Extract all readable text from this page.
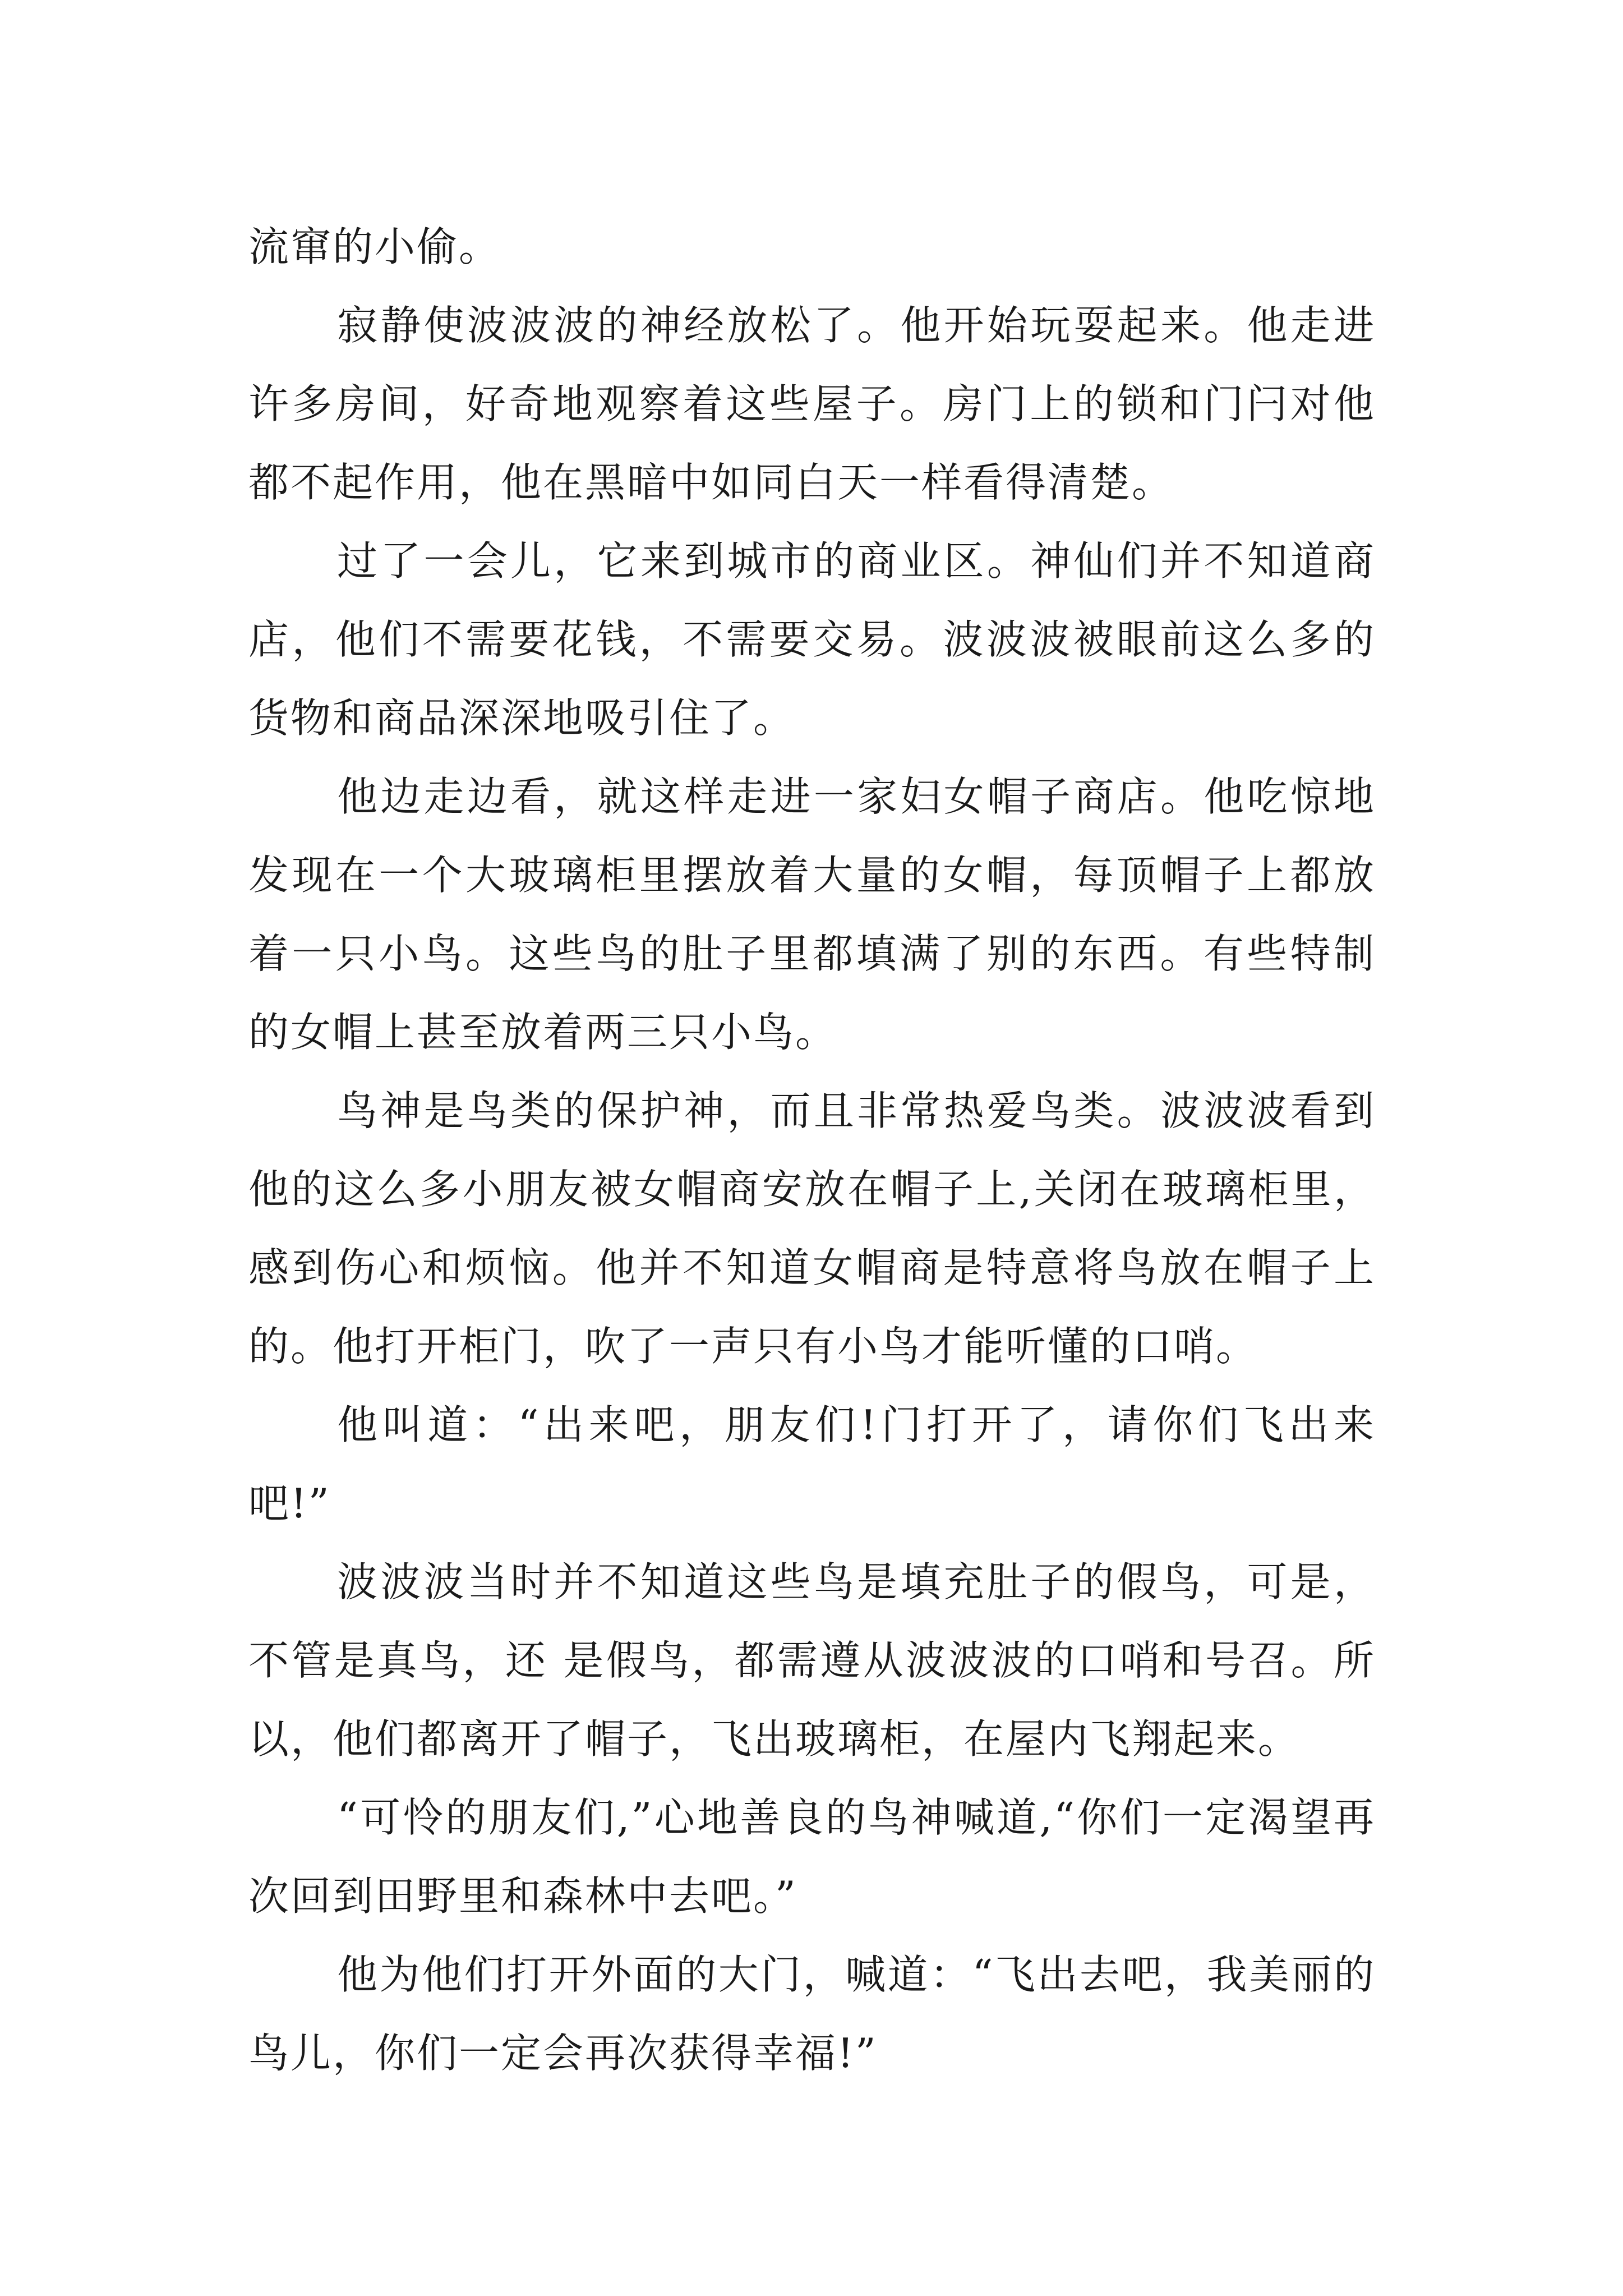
流窜的小偷。

寂静使波波波的神经放松了。他开始玩耍起来。他走进许多房间，好奇地观察着这些屋子。房门上的锁和门闩对他都不起作用，他在黑暗中如同白天一样看得清楚。

过了一会儿，它来到城市的商业区。神仙们并不知道商店，他们不需要花钱，不需要交易。波波波被眼前这么多的货物和商品深深地吸引住了。

他边走边看，就这样走进一家妇女帽子商店。他吃惊地发现在一个大玻璃柜里摆放着大量的女帽，每顶帽子上都放着一只小鸟。这些鸟的肚子里都填满了别的东西。有些特制的女帽上甚至放着两三只小鸟。

鸟神是鸟类的保护神，而且非常热爱鸟类。波波波看到他的这么多小朋友被女帽商安放在帽子上,关闭在玻璃柜里，感到伤心和烦恼。他并不知道女帽商是特意将鸟放在帽子上的。他打开柜门，吹了一声只有小鸟才能听懂的口哨。

他叫道：“出来吧，朋友们!门打开了，请你们飞出来吧!”

波波波当时并不知道这些鸟是填充肚子的假鸟，可是，不管是真鸟，还 是假鸟，都需遵从波波波的口哨和号召。所以，他们都离开了帽子，飞出玻璃柜，在屋内飞翔起来。

“可怜的朋友们,”心地善良的鸟神喊道,“你们一定渴望再次回到田野里和森林中去吧。”

他为他们打开外面的大门，喊道：“飞出去吧，我美丽的鸟儿，你们一定会再次获得幸福!”
